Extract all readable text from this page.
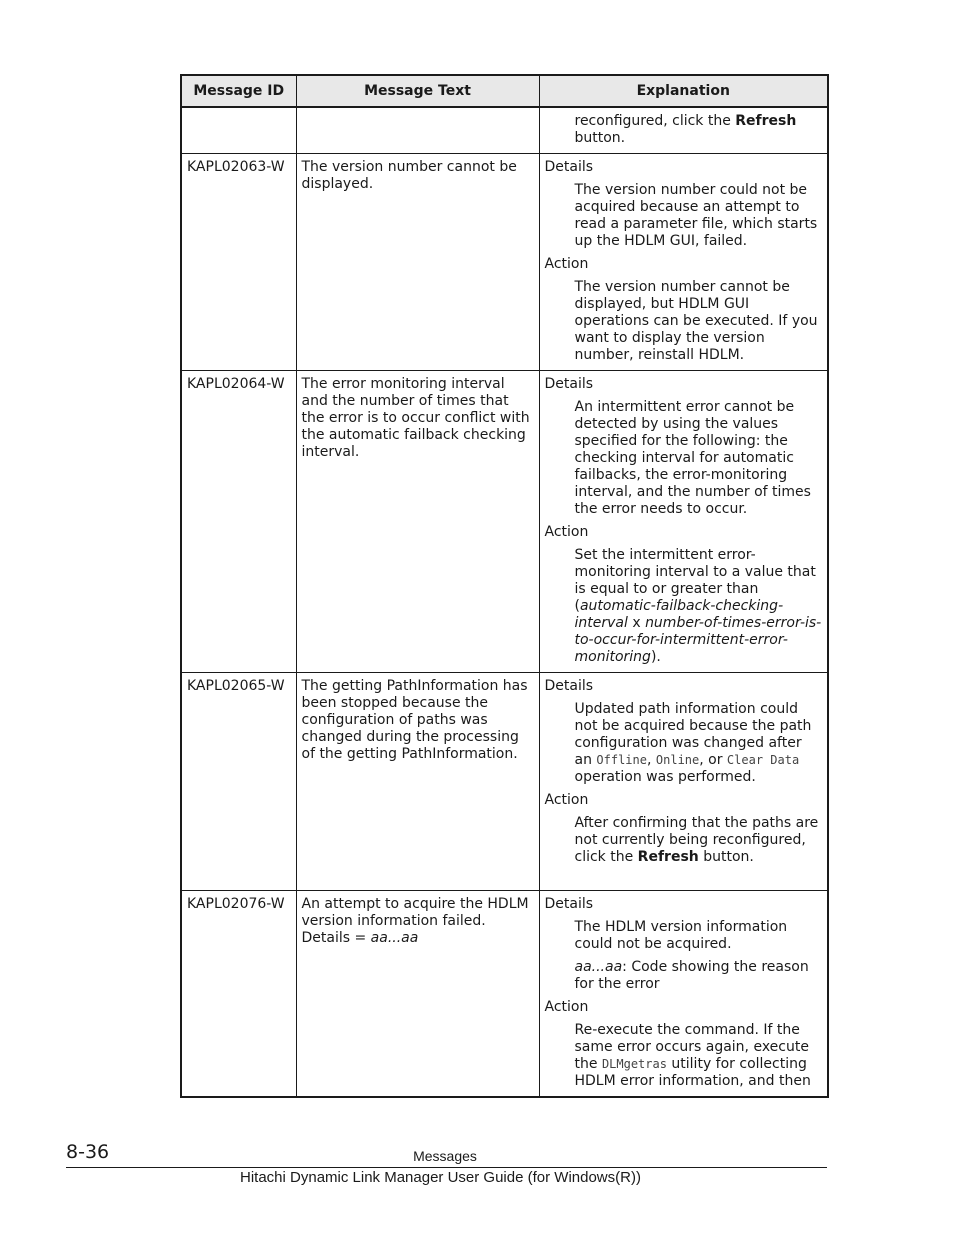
Message ID	Message Text	Explanation

		reconfigured, click the Refresh button.

KAPL02063-W	The version number cannot be displayed.	Details

The version number could not be acquired because an attempt to read a parameter file, which starts up the HDLM GUI, failed.

Action

The version number cannot be displayed, but HDLM GUI operations can be executed. If you want to display the version number, reinstall HDLM.

KAPL02064-W	The error monitoring interval and the number of times that the error is to occur conflict with the automatic failback checking interval.	Details

An intermittent error cannot be detected by using the values specified for the following: the checking interval for automatic failbacks, the error-monitoring interval, and the number of times the error needs to occur.

Action

Set the intermittent error-monitoring interval to a value that is equal to or greater than (automatic-failback-checking-interval x number-of-times-error-is-to-occur-for-intermittent-error-monitoring).

KAPL02065-W	The getting PathInformation has been stopped because the configuration of paths was changed during the processing of the getting PathInformation.	Details

Updated path information could not be acquired because the path configuration was changed after an Offline, Online, or Clear Data operation was performed.

Action

After confirming that the paths are not currently being reconfigured, click the Refresh button.

KAPL02076-W	An attempt to acquire the HDLM version information failed. Details = aa...aa	Details

The HDLM version information could not be acquired.

aa...aa: Code showing the reason for the error

Action

Re-execute the command. If the same error occurs again, execute the DLMgetras utility for collecting HDLM error information, and then

8-36	Messages
Hitachi Dynamic Link Manager User Guide (for Windows(R))
